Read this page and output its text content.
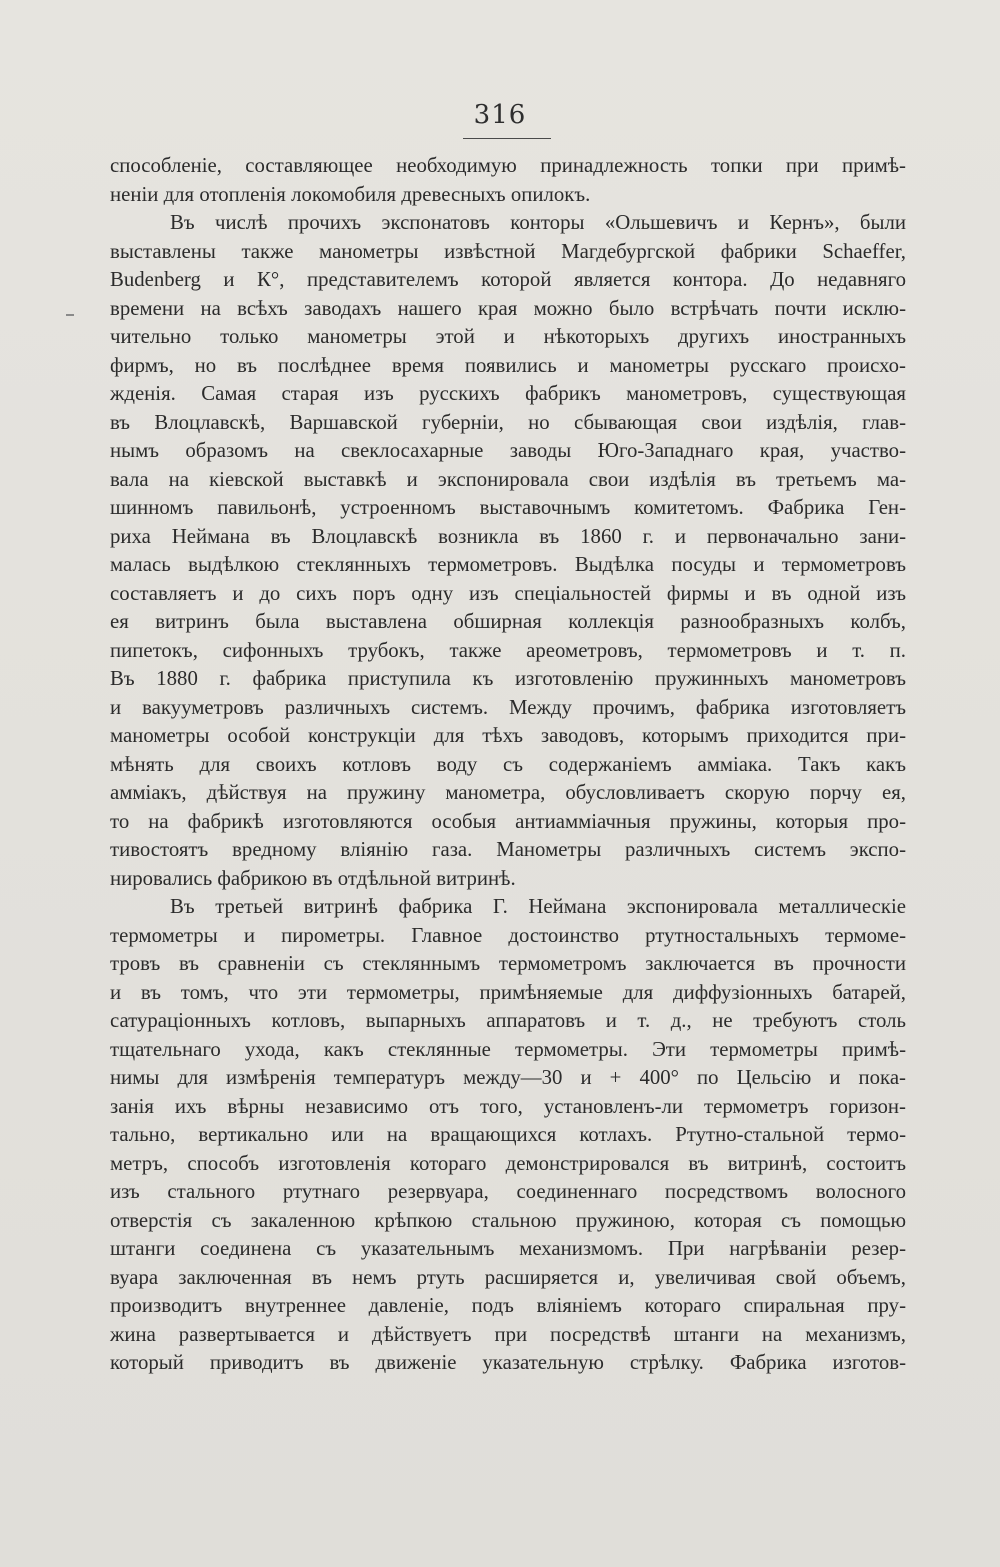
316
способленіе, составляющее необходимую принадлежность топки при примѣ-
неніи для отопленія локомобиля древесныхъ опилокъ.
Въ числѣ прочихъ экспонатовъ конторы «Ольшевичъ и Кернъ», были
выставлены также манометры извѣстной Магдебургской фабрики Schaeffer,
Budenberg и К°, представителемъ которой является контора. До недавняго
времени на всѣхъ заводахъ нашего края можно было встрѣчать почти исклю-
чительно только манометры этой и нѣкоторыхъ другихъ иностранныхъ
фирмъ, но въ послѣднее время появились и манометры русскаго происхо-
жденія. Самая старая изъ русскихъ фабрикъ манометровъ, существующая
въ Влоцлавскѣ, Варшавской губерніи, но сбывающая свои издѣлія, глав-
нымъ образомъ на свеклосахарные заводы Юго-Западнаго края, участво-
вала на кіевской выставкѣ и экспонировала свои издѣлія въ третьемъ ма-
шинномъ павильонѣ, устроенномъ выставочнымъ комитетомъ. Фабрика Ген-
риха Неймана въ Влоцлавскѣ возникла въ 1860 г. и первоначально зани-
малась выдѣлкою стеклянныхъ термометровъ. Выдѣлка посуды и термометровъ
составляетъ и до сихъ поръ одну изъ спеціальностей фирмы и въ одной изъ
ея витринъ была выставлена обширная коллекція разнообразныхъ колбъ,
пипетокъ, сифонныхъ трубокъ, также ареометровъ, термометровъ и т. п.
Въ 1880 г. фабрика приступила къ изготовленію пружинныхъ манометровъ
и вакууметровъ различныхъ системъ. Между прочимъ, фабрика изготовляетъ
манометры особой конструкціи для тѣхъ заводовъ, которымъ приходится при-
мѣнять для своихъ котловъ воду съ содержаніемъ амміака. Такъ какъ
амміакъ, дѣйствуя на пружину манометра, обусловливаетъ скорую порчу ея,
то на фабрикѣ изготовляются особыя антиамміачныя пружины, которыя про-
тивостоятъ вредному вліянію газа. Манометры различныхъ системъ экспо-
нировались фабрикою въ отдѣльной витринѣ.
Въ третьей витринѣ фабрика Г. Неймана экспонировала металлическіе
термометры и пирометры. Главное достоинство ртутностальныхъ термоме-
тровъ въ сравненіи съ стекляннымъ термометромъ заключается въ прочности
и въ томъ, что эти термометры, примѣняемые для диффузіонныхъ батарей,
сатураціонныхъ котловъ, выпарныхъ аппаратовъ и т. д., не требуютъ столь
тщательнаго ухода, какъ стеклянные термометры. Эти термометры примѣ-
нимы для измѣренія температуръ между—30 и + 400° по Цельсію и пока-
занія ихъ вѣрны независимо отъ того, установленъ-ли термометръ горизон-
тально, вертикально или на вращающихся котлахъ. Ртутно-стальной термо-
метръ, способъ изготовленія котораго демонстрировался въ витринѣ, состоитъ
изъ стального ртутнаго резервуара, соединеннаго посредствомъ волосного
отверстія съ закаленною крѣпкою стальною пружиною, которая съ помощью
штанги соединена съ указательнымъ механизмомъ. При нагрѣваніи резер-
вуара заключенная въ немъ ртуть расширяется и, увеличивая свой объемъ,
производитъ внутреннее давленіе, подъ вліяніемъ котораго спиральная пру-
жина развертывается и дѣйствуетъ при посредствѣ штанги на механизмъ,
который приводитъ въ движеніе указательную стрѣлку. Фабрика изготов-
